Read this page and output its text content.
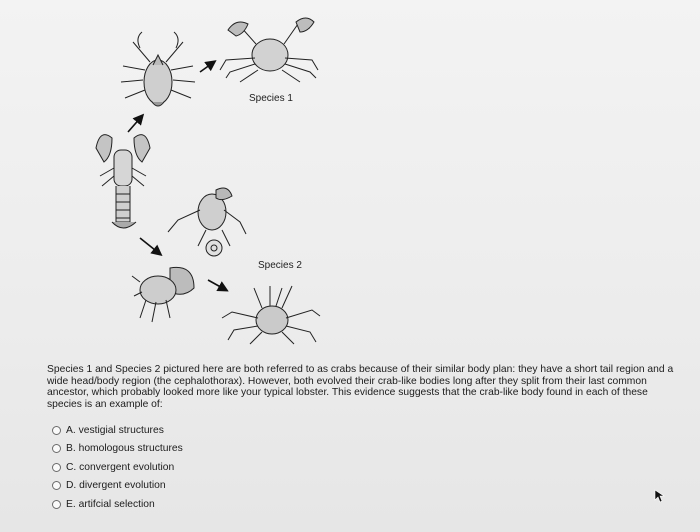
Species 1
Species 2
Species 1 and Species 2 pictured here are both referred to as crabs because of their similar body plan: they have a short tail region and a wide head/body region (the cephalothorax). However, both evolved their crab-like bodies long after they split from their last common ancestor, which probably looked more like your typical lobster. This evidence suggests that the crab-like body found in each of these species is an example of:
A. vestigial structures
B. homologous structures
C. convergent evolution
D. divergent evolution
E. artifcial selection
